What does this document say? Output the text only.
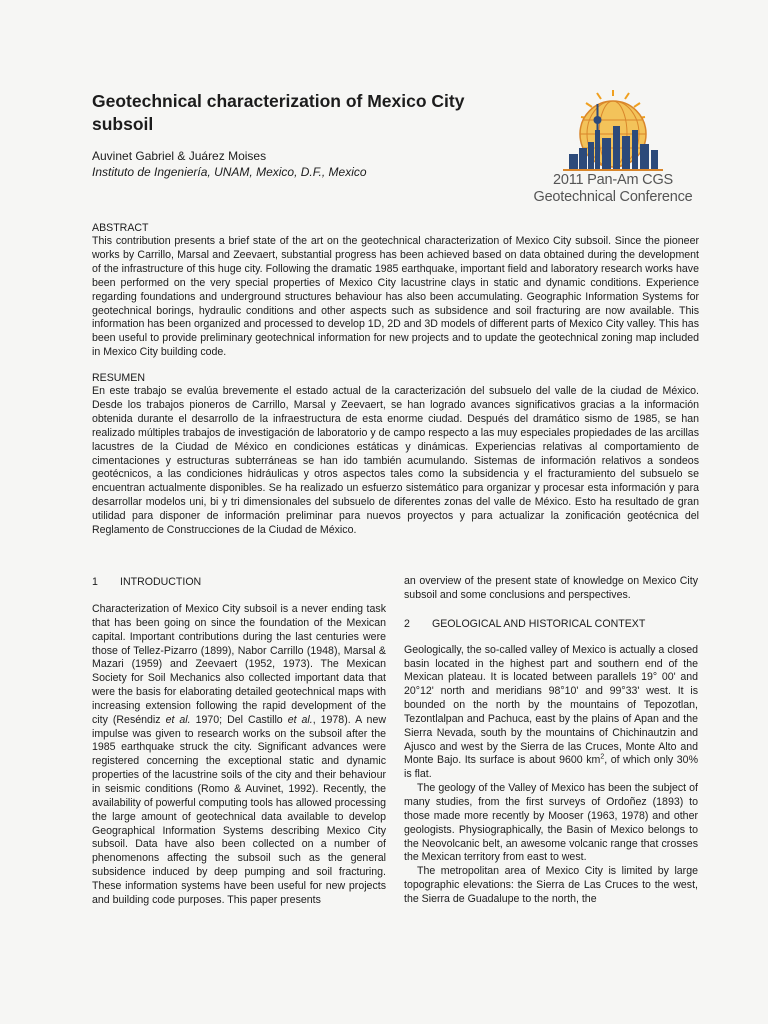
Geotechnical characterization of Mexico City subsoil
Auvinet Gabriel & Juárez Moises
Instituto de Ingeniería, UNAM, Mexico, D.F., Mexico	2011 Pan-Am CGS
Geotechnical Conference
ABSTRACT
This contribution presents a brief state of the art on the geotechnical characterization of Mexico City subsoil. Since the pioneer works by Carrillo, Marsal and Zeevaert, substantial progress has been achieved based on data obtained during the development of the infrastructure of this huge city. Following the dramatic 1985 earthquake, important field and laboratory research works have been performed on the very special properties of Mexico City lacustrine clays in static and dynamic conditions. Experience regarding foundations and underground structures behaviour has also been accumulating. Geographic Information Systems for geotechnical borings, hydraulic conditions and other aspects such as subsidence and soil fracturing are now available. This information has been organized and processed to develop 1D, 2D and 3D models of different parts of Mexico City valley. This has been useful to provide preliminary geotechnical information for new projects and to update the geotechnical zoning map included in Mexico City building code.
RESUMEN
En este trabajo se evalúa brevemente el estado actual de la caracterización del subsuelo del valle de la ciudad de México. Desde los trabajos pioneros de Carrillo, Marsal y Zeevaert, se han logrado avances significativos gracias a la información obtenida durante el desarrollo de la infraestructura de esta enorme ciudad. Después del dramático sismo de 1985, se han realizado múltiples trabajos de investigación de laboratorio y de campo respecto a las muy especiales propiedades de las arcillas lacustres de la Ciudad de México en condiciones estáticas y dinámicas. Experiencias relativas al comportamiento de cimentaciones y estructuras subterráneas se han ido también acumulando. Sistemas de información relativos a sondeos geotécnicos, a las condiciones hidráulicas y otros aspectos tales como la subsidencia y el fracturamiento del subsuelo se encuentran actualmente disponibles. Se ha realizado un esfuerzo sistemático para organizar y procesar esta información y para desarrollar modelos uni, bi y tri dimensionales del subsuelo de diferentes zonas del valle de México. Esto ha resultado de gran utilidad para disponer de información preliminar para nuevos proyectos y para actualizar la zonificación geotécnica del Reglamento de Construcciones de la Ciudad de México.
1 INTRODUCTION

Characterization of Mexico City subsoil is a never ending task that has been going on since the foundation of the Mexican capital. Important contributions during the last centuries were those of Tellez-Pizarro (1899), Nabor Carrillo (1948), Marsal & Mazari (1959) and Zeevaert (1952, 1973). The Mexican Society for Soil Mechanics also collected important data that were the basis for elaborating detailed geotechnical maps with increasing extension following the rapid development of the city (Reséndiz et al. 1970; Del Castillo et al., 1978). A new impulse was given to research works on the subsoil after the 1985 earthquake struck the city. Significant advances were registered concerning the exceptional static and dynamic properties of the lacustrine soils of the city and their behaviour in seismic conditions (Romo & Auvinet, 1992). Recently, the availability of powerful computing tools has allowed processing the large amount of geotechnical data available to develop Geographical Information Systems describing Mexico City subsoil. Data have also been collected on a number of phenomenons affecting the subsoil such as the general subsidence induced by deep pumping and soil fracturing. These information systems have been useful for new projects and building code purposes. This paper presents

an overview of the present state of knowledge on Mexico City subsoil and some conclusions and perspectives.

2 GEOLOGICAL AND HISTORICAL CONTEXT

Geologically, the so-called valley of Mexico is actually a closed basin located in the highest part and southern end of the Mexican plateau. It is located between parallels 19° 00' and 20°12' north and meridians 98°10' and 99°33' west. It is bounded on the north by the mountains of Tepozotlan, Tezontlalpan and Pachuca, east by the plains of Apan and the Sierra Nevada, south by the mountains of Chichinautzin and Ajusco and west by the Sierra de las Cruces, Monte Alto and Monte Bajo. Its surface is about 9600 $km^2$, of which only 30% is flat.

The geology of the Valley of Mexico has been the subject of many studies, from the first surveys of Ordoñez (1893) to those made more recently by Mooser (1963, 1978) and other geologists. Physiographically, the Basin of Mexico belongs to the Neovolcanic belt, an awesome volcanic range that crosses the Mexican territory from east to west.

The metropolitan area of Mexico City is limited by large topographic elevations: the Sierra de Las Cruces to the west, the Sierra de Guadalupe to the north, the
